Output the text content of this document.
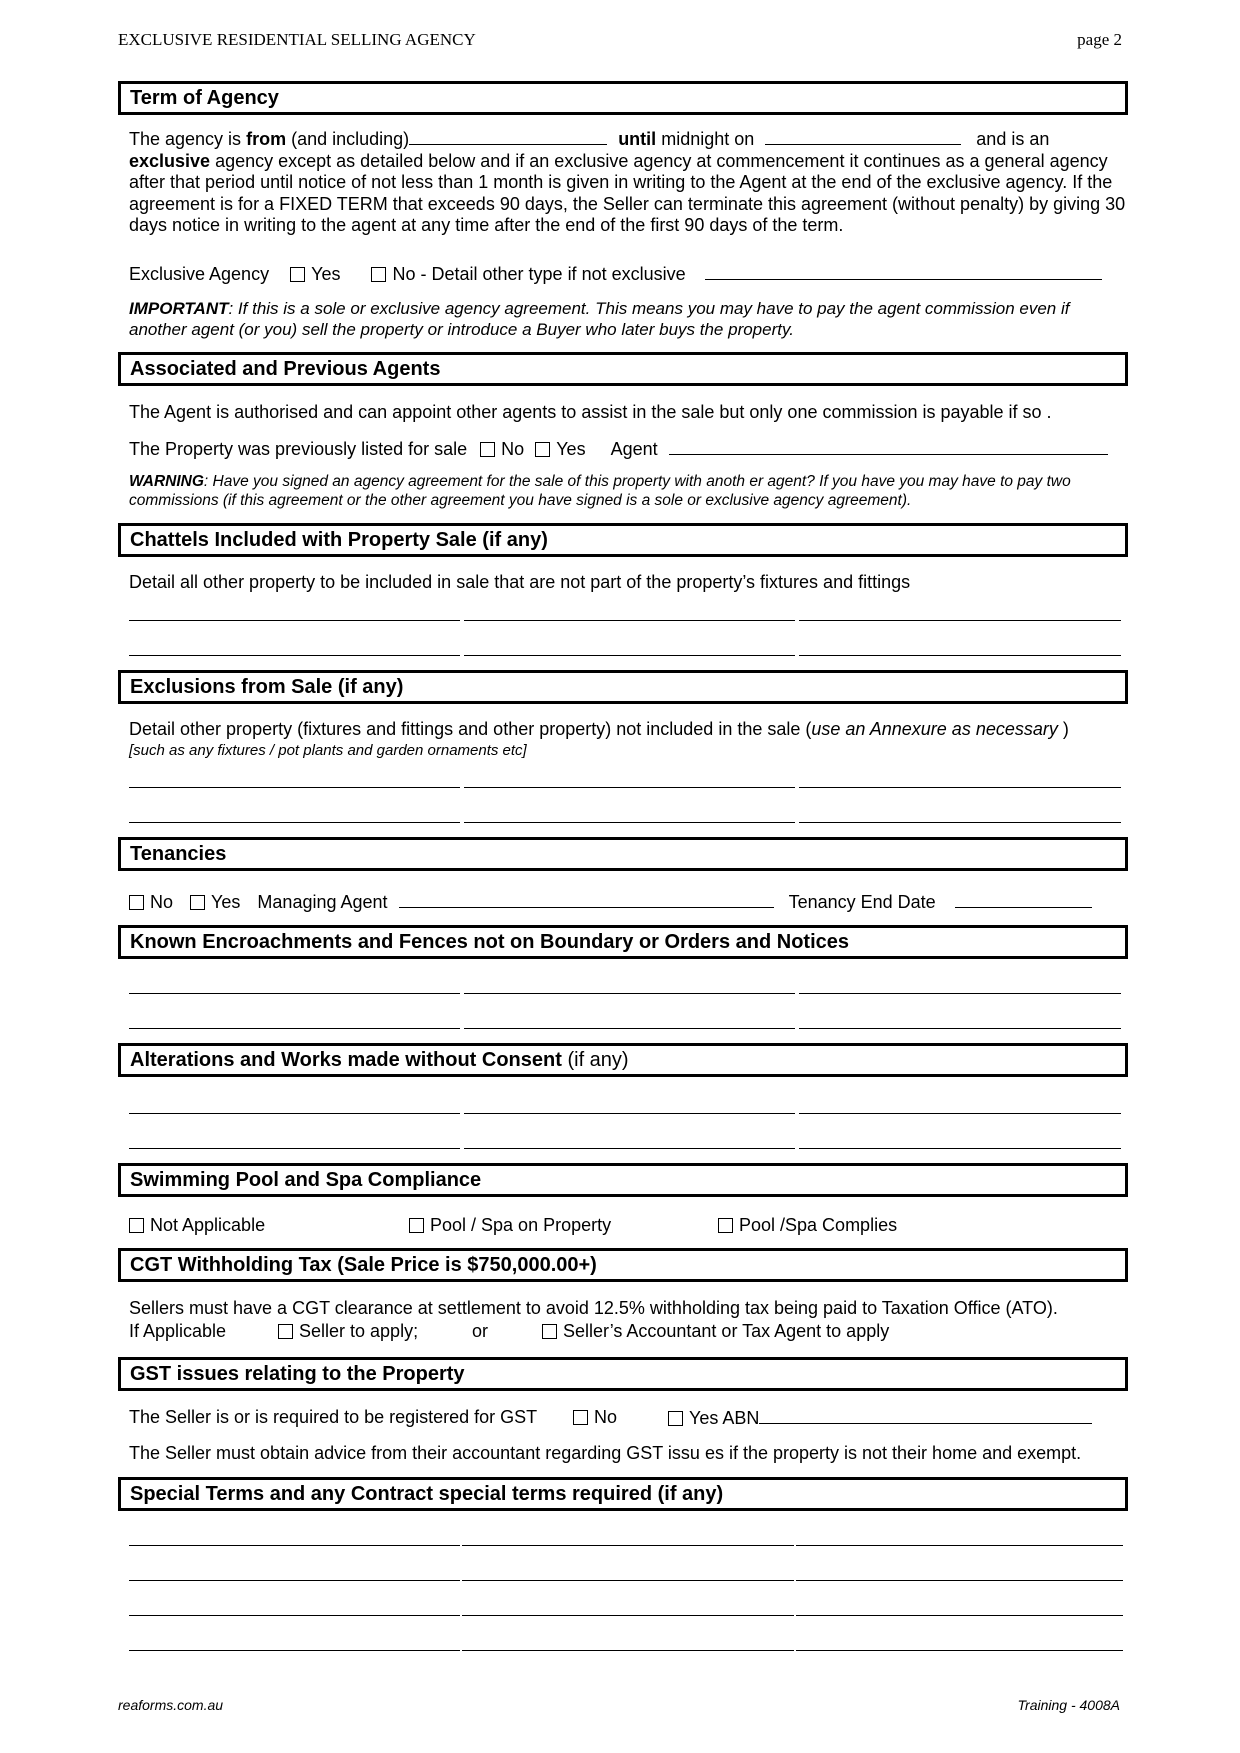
EXCLUSIVE RESIDENTIAL SELLING AGENCY	page 2
Term of Agency
The agency is from (and including)	until midnight on	and is an exclusive agency except as detailed below and if an exclusive agency at commencement it continues as a general agency after that period until notice of not less than 1 month is given in writing to the Agent at the end of the exclusive agency. If the agreement is for a FIXED TERM that exceeds 90 days, the Seller can terminate this agreement (without penalty) by giving 30 days notice in writing to the agent at any time after the end of the first 90 days of the term.
Exclusive Agency Yes	No - Detail other type if not exclusive
IMPORTANT: If this is a sole or exclusive agency agreement. This means you may have to pay the agent commission even if another agent (or you) sell the property or introduce a Buyer who later buys the property.
Associated and Previous Agents
The Agent is authorised and can appoint other agents to assist in the sale but only one commission is payable if so .
The Property was previously listed for sale No Yes Agent
WARNING: Have you signed an agency agreement for the sale of this property with anoth er agent? If you have you may have to pay two commissions (if this agreement or the other agreement you have signed is a sole or exclusive agency agreement).
Chattels Included with Property Sale (if any)
Detail all other property to be included in sale that are not part of the property’s fixtures and fittings
Exclusions from Sale (if any)
Detail other property (fixtures and fittings and other property) not included in the sale (use an Annexure as necessary )
[such as any fixtures / pot plants and garden ornaments etc]
Tenancies
No Yes Managing Agent	Tenancy End Date
Known Encroachments and Fences not on Boundary or Orders and Notices
Alterations and Works made without Consent (if any)
Swimming Pool and Spa Compliance
Not Applicable	Pool / Spa on Property	Pool /Spa Complies
CGT Withholding Tax (Sale Price is $750,000.00+)
Sellers must have a CGT clearance at settlement to avoid 12.5% withholding tax being paid to Taxation Office (ATO).
If Applicable	Seller to apply;	or	Seller’s Accountant or Tax Agent to apply
GST issues relating to the Property
The Seller is or is required to be registered for GST	No	Yes ABN
The Seller must obtain advice from their accountant regarding GST issu es if the property is not their home and exempt.
Special Terms and any Contract special terms required (if any)
reaforms.com.au	Training - 4008A
